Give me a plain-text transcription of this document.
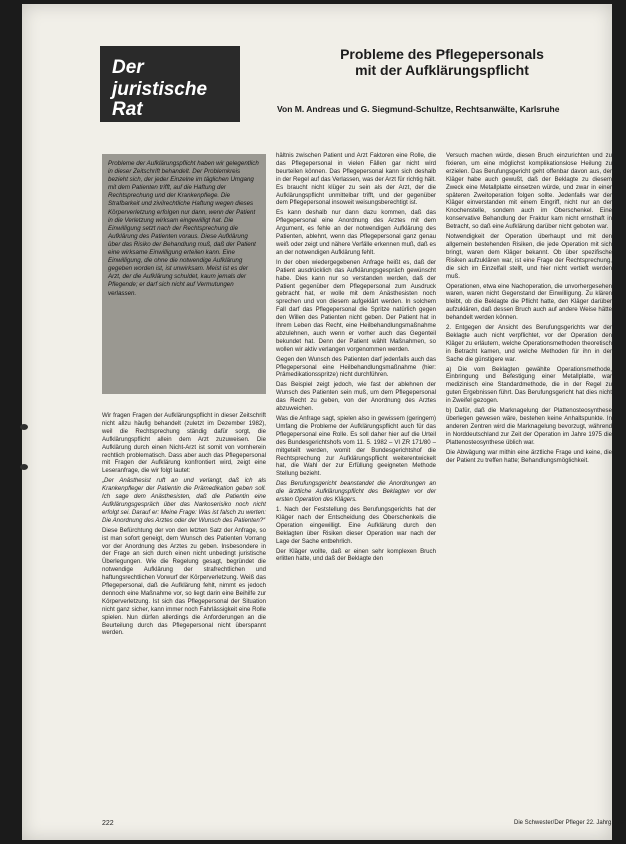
Der
juristische Rat
Probleme des Pflegepersonals
mit der Aufklärungspflicht
Von M. Andreas und G. Siegmund-Schultze, Rechtsanwälte, Karlsruhe
Probleme der Aufklärungspflicht haben wir gelegentlich in dieser Zeitschrift behandelt. Der Problemkreis bezieht sich, der jeder Einzelne im täglichen Umgang mit dem Patienten trifft, auf die Haftung der Rechtsprechung und der Krankenpflege. Die Strafbarkeit und zivilrechtliche Haftung wegen dieses Körperverletzung erfolgen nur dann, wenn der Patient in die Verletzung wirksam eingewilligt hat. Die Einwilligung setzt nach der Rechtsprechung die Aufklärung des Patienten voraus. Diese Aufklärung über das Risiko der Behandlung muß, daß der Patient eine wirksame Einwilligung erteilen kann. Eine Einwilligung, die ohne die notwendige Aufklärung gegeben worden ist, ist unwirksam. Meist ist es der Arzt, der die Aufklärung schuldet, kaum jemals der Pflegende; er darf sich nicht auf Vermutungen verlassen.

Wir fragen Fragen der Aufklärungspflicht in dieser Zeitschrift nicht allzu häufig behandelt (zuletzt im Dezember 1982), weil die Rechtsprechung ständig dafür sorgt, die Aufklärungspflicht allein dem Arzt zuzuweisen. Die Aufklärung durch einen Nicht-Arzt ist somit von vornherein rechtlich problematisch. Dass aber auch das Pflegepersonal mit Fragen der Aufklärung konfrontiert wird, zeigt eine Leseranfrage, die wir folgt lautet:

„Der Anästhesist ruft an und verlangt, daß ich als Krankenpfleger der Patientin die Prämedikation geben soll. Ich sage dem Anästhesisten, daß die Patientin eine Aufklärungsgespräch über das Narkoserisiko noch nicht erfolgt sei. Darauf er: Meine Frage: Was ist falsch zu werten: Die Anordnung des Arztes oder der Wunsch des Patienten?“

Diese Befürchtung der von den letzten Satz der Anfrage, so ist man sofort geneigt, dem Wunsch des Patienten Vorrang vor der Anordnung des Arztes zu geben. Insbesondere in der Frage an sich durch einen nicht unbedingt juristische Überlegungen. Wie die Regelung gesagt, begründet die notwendige Aufklärung der strafrechtlichen und haftungsrechtlichen Vorwurf der Körperverletzung. Weiß das Pflegepersonal, daß die Aufklärung fehlt, nimmt es jedoch dennoch eine Maßnahme vor, so liegt darin eine Beihilfe zur Körperverletzung. Ist sich das Pflegepersonal der Situation nicht ganz sicher, kann immer noch Fahrlässigkeit eine Rolle spielen. Nun dürfen allerdings die Anforderungen an die Beurteilung durch das Pflegepersonal nicht überspannt werden.

hältnis zwischen Patient und Arzt Faktoren eine Rolle, die das Pflegepersonal in vielen Fällen gar nicht wird beurteilen können. Das Pflegepersonal kann sich deshalb in der Regel auf das Verlassen, was der Arzt für richtig hält. Es braucht nicht klüger zu sein als der Arzt, der die Aufklärungspflicht unmittelbar trifft, und der gegenüber dem Pflegepersonal insoweit weisungsberechtigt ist.

Es kann deshalb nur dann dazu kommen, daß das Pflegepersonal eine Anordnung des Arztes mit dem Argument, es fehle an der notwendigen Aufklärung des Patienten, ablehnt, wenn das Pflegepersonal ganz genau weiß oder zeigt und nähere Verfälle erkennen muß, daß es an der notwendigen Aufklärung fehlt.

In der oben wiedergegebenen Anfrage heißt es, daß der Patient ausdrücklich das Aufklärungsgespräch gewünscht habe. Dies kann nur so verstanden werden, daß der Patient gegenüber dem Pflegepersonal zum Ausdruck gebracht hat, er wolle mit dem Anästhesisten noch sprechen und von diesem aufgeklärt werden. In solchem Fall darf das Pflegepersonal die Spritze natürlich gegen den Willen des Patienten nicht geben. Der Patient hat in Ihrem Leben das Recht, eine Heilbehandlungsmaßnahme abzulehnen, auch wenn er vorher auch das Gegenteil bekundet hat. Denn der Patient wählt Maßnahmen, so wollen wir aktiv verlangen vorgenommen werden.

Gegen den Wunsch des Patienten darf jedenfalls auch das Pflegepersonal eine Heilbehandlungsmaßnahme (hier: Prämedikationsspritze) nicht durchführen.

Das Beispiel zeigt jedoch, wie fast der ablehnen der Wunsch des Patienten sein muß, um dem Pflegepersonal das Recht zu geben, von der Anordnung des Arztes abzuweichen.

Was die Anfrage sagt, spielen also in gewissem (geringem) Umfang die Probleme der Aufklärungspflicht auch für das Pflegepersonal eine Rolle. Es soll daher hier auf die Urteil des Bundesgerichtshofs vom 11. 5. 1982 – VI ZR 171/80 – mitgeteilt werden, womit der Bundesgerichtshof die Rechtsprechung zur Aufklärungspflicht weiterentwickelt hat, die Wahl der zur Erfüllung geeigneten Methode Stellung bezieht.

Das Berufungsgericht beanstandet die Anordnungen an die ärztliche Aufklärungspflicht des Beklagten vor der ersten Operation des Klägers.

1. Nach der Feststellung des Berufungsgerichts hat der Kläger nach der Entscheidung des Oberschenkels die Operation eingewilligt. Eine Aufklärung durch den Beklagten über Risiken dieser Operation war nach der Lage der Sache entbehrlich.

Der Kläger wollte, daß er einen sehr komplexen Bruch erlitten hatte, und daß der Beklagte den

Versuch machen würde, diesen Bruch einzurichten und zu fixieren, um eine möglichst komplikationslose Heilung zu erzielen. Das Berufungsgericht geht offenbar davon aus, der Kläger habe auch gewußt, daß der Beklagte zu diesem Zweck eine Metallplatte einsetzen würde, und zwar in einer späteren Zweitoperation folgen sollte. Jedenfalls war der Kläger einverstanden mit einem Eingriff, nicht nur an der Knochenstelle, sondern auch im Oberschenkel. Eine konservative Behandlung der Fraktur kam nicht ernsthaft in Betracht, so daß eine Aufklärung darüber nicht geboten war.

Notwendigkeit der Operation überhaupt und mit den allgemein bestehenden Risiken, die jede Operation mit sich bringt, waren dem Kläger bekannt. Ob über spezifische Risiken aufzuklären war, ist eine Frage der Rechtsprechung, die sich im Einzelfall stellt, und hier nicht vertieft werden muß.

Operationen, etwa eine Nachoperation, die unvorhergesehen waren, waren nicht Gegenstand der Einwilligung. Zu klären bleibt, ob die Beklagte die Pflicht hatte, den Kläger darüber aufzuklären, daß dessen Bruch auch auf andere Weise hätte behandelt werden können.

2. Entgegen der Ansicht des Berufungsgerichts war der Beklagte auch nicht verpflichtet, vor der Operation den Kläger zu erläutern, welche Operationsmethoden theoretisch in Betracht kamen, und welche Methoden für ihn in der Sache die günstigere war.

a) Die vom Beklagten gewählte Operationsmethode, Einbringung und Befestigung einer Metallplatte, war medizinisch eine Standardmethode, die in der Regel zu guten Ergebnissen führt. Das Berufungsgericht hat dies nicht in Zweifel gezogen.

b) Dafür, daß die Marknagelung der Plattenosteosynthese überlegen gewesen wäre, bestehen keine Anhaltspunkte. In anderen Zentren wird die Marknagelung bevorzugt, während in Norddeutschland zur Zeit der Operation im Jahre 1975 die Plattenosteosynthese üblich war.

Die Abwägung war mithin eine ärztliche Frage und keine, die der Patient zu treffen hatte; Behandlungsmöglichkeit.

222	Die Schwester/Der Pfleger 22. Jahrg. 3/83
